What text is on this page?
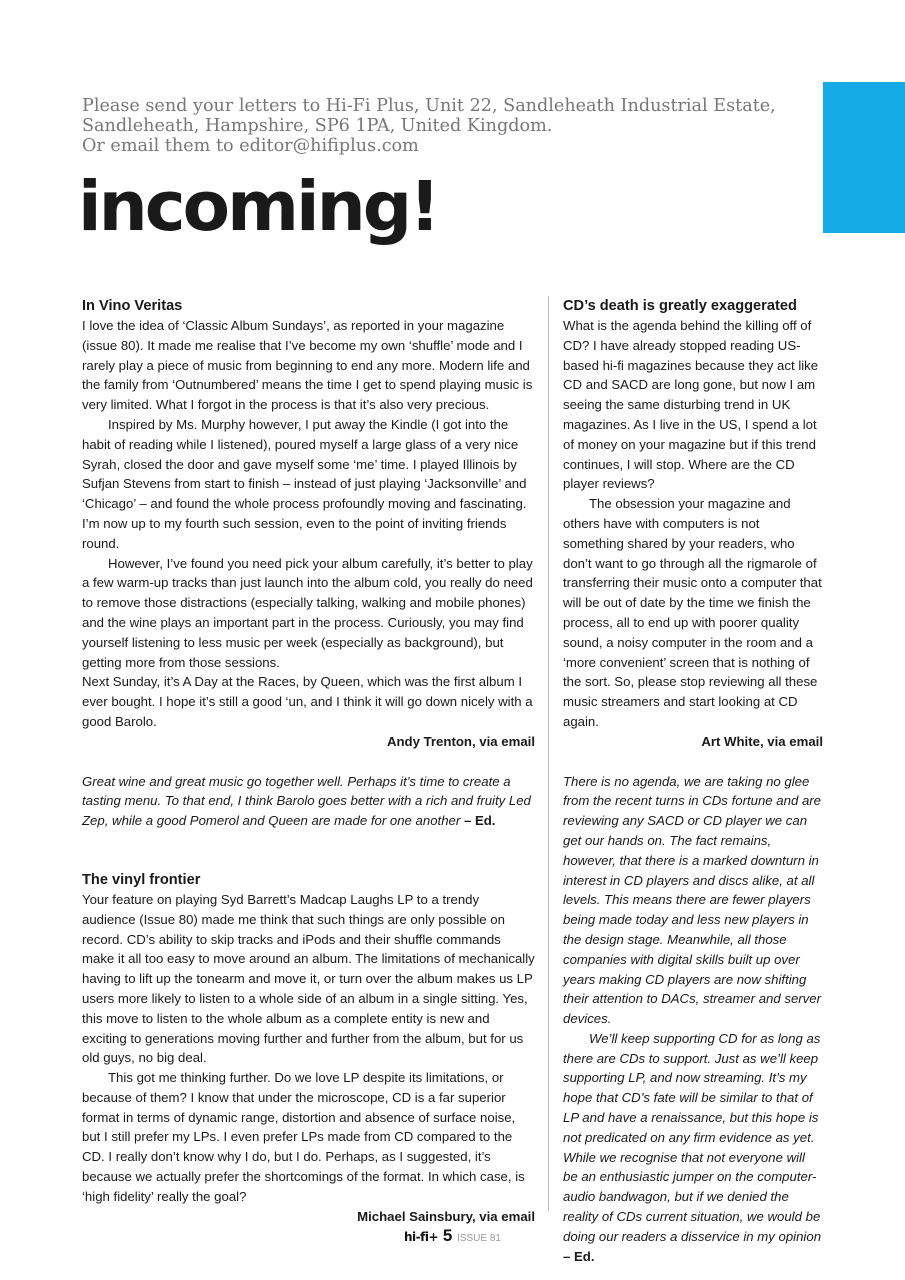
Please send your letters to Hi-Fi Plus, Unit 22, Sandleheath Industrial Estate,
Sandleheath, Hampshire, SP6 1PA, United Kingdom.
Or email them to editor@hifiplus.com
incoming!
In Vino Veritas

I love the idea of ‘Classic Album Sundays’, as reported in your magazine (issue 80). It made me realise that I’ve become my own ‘shuffle’ mode and I rarely play a piece of music from beginning to end any more. Modern life and the family from ‘Outnumbered’ means the time I get to spend playing music is very limited. What I forgot in the process is that it’s also very precious.

Inspired by Ms. Murphy however, I put away the Kindle (I got into the habit of reading while I listened), poured myself a large glass of a very nice Syrah, closed the door and gave myself some ‘me’ time. I played Illinois by Sufjan Stevens from start to finish – instead of just playing ‘Jacksonville’ and ‘Chicago’ – and found the whole process profoundly moving and fascinating. I’m now up to my fourth such session, even to the point of inviting friends round.

However, I’ve found you need pick your album carefully, it’s better to play a few warm-up tracks than just launch into the album cold, you really do need to remove those distractions (especially talking, walking and mobile phones) and the wine plays an important part in the process. Curiously, you may find yourself listening to less music per week (especially as background), but getting more from those sessions.

Next Sunday, it’s A Day at the Races, by Queen, which was the first album I ever bought. I hope it’s still a good ‘un, and I think it will go down nicely with a good Barolo.

Andy Trenton, via email

Great wine and great music go together well. Perhaps it’s time to create a tasting menu. To that end, I think Barolo goes better with a rich and fruity Led Zep, while a good Pomerol and Queen are made for one another – Ed.

The vinyl frontier

Your feature on playing Syd Barrett’s Madcap Laughs LP to a trendy audience (Issue 80) made me think that such things are only possible on record. CD’s ability to skip tracks and iPods and their shuffle commands make it all too easy to move around an album. The limitations of mechanically having to lift up the tonearm and move it, or turn over the album makes us LP users more likely to listen to a whole side of an album in a single sitting. Yes, this move to listen to the whole album as a complete entity is new and exciting to generations moving further and further from the album, but for us old guys, no big deal.

This got me thinking further. Do we love LP despite its limitations, or because of them? I know that under the microscope, CD is a far superior format in terms of dynamic range, distortion and absence of surface noise, but I still prefer my LPs. I even prefer LPs made from CD compared to the CD. I really don’t know why I do, but I do. Perhaps, as I suggested, it’s because we actually prefer the shortcomings of the format. In which case, is ‘high fidelity’ really the goal?

Michael Sainsbury, via email

CD’s death is greatly exaggerated

What is the agenda behind the killing off of CD? I have already stopped reading US-based hi-fi magazines because they act like CD and SACD are long gone, but now I am seeing the same disturbing trend in UK magazines. As I live in the US, I spend a lot of money on your magazine but if this trend continues, I will stop. Where are the CD player reviews?

The obsession your magazine and others have with computers is not something shared by your readers, who don’t want to go through all the rigmarole of transferring their music onto a computer that will be out of date by the time we finish the process, all to end up with poorer quality sound, a noisy computer in the room and a ‘more convenient’ screen that is nothing of the sort. So, please stop reviewing all these music streamers and start looking at CD again.

Art White, via email

There is no agenda, we are taking no glee from the recent turns in CDs fortune and are reviewing any SACD or CD player we can get our hands on. The fact remains, however, that there is a marked downturn in interest in CD players and discs alike, at all levels. This means there are fewer players being made today and less new players in the design stage. Meanwhile, all those companies with digital skills built up over years making CD players are now shifting their attention to DACs, streamer and server devices.

We’ll keep supporting CD for as long as there are CDs to support. Just as we’ll keep supporting LP, and now streaming. It’s my hope that CD’s fate will be similar to that of LP and have a renaissance, but this hope is not predicated on any firm evidence as yet. While we recognise that not everyone will be an enthusiastic jumper on the computer-audio bandwagon, but if we denied the reality of CDs current situation, we would be doing our readers a disservice in my opinion – Ed.

hi-fi+ 5 ISSUE 81
